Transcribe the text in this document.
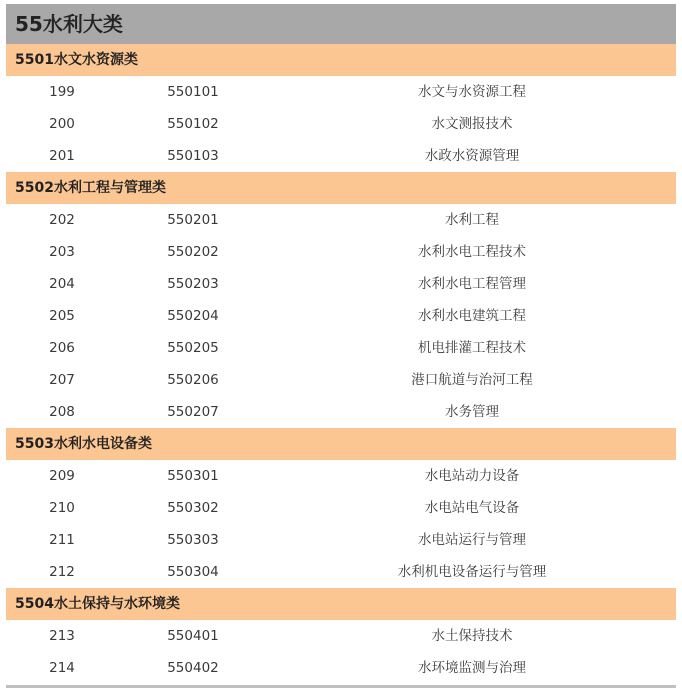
55水利大类
5501水文水资源类
199	550101	水文与水资源工程
200	550102	水文测报技术
201	550103	水政水资源管理
5502水利工程与管理类
202	550201	水利工程
203	550202	水利水电工程技术
204	550203	水利水电工程管理
205	550204	水利水电建筑工程
206	550205	机电排灌工程技术
207	550206	港口航道与治河工程
208	550207	水务管理
5503水利水电设备类
209	550301	水电站动力设备
210	550302	水电站电气设备
211	550303	水电站运行与管理
212	550304	水利机电设备运行与管理
5504水土保持与水环境类
213	550401	水土保持技术
214	550402	水环境监测与治理
